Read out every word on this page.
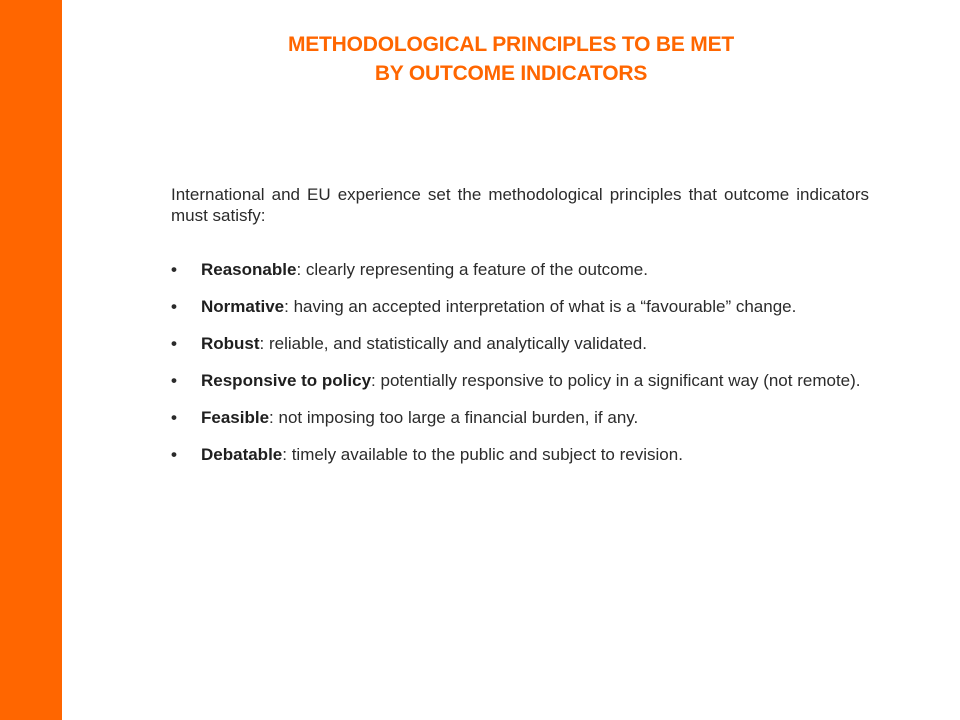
METHODOLOGICAL PRINCIPLES TO BE MET
BY OUTCOME INDICATORS
International and EU experience set the methodological principles that outcome indicators must satisfy:
• Reasonable: clearly representing a feature of the outcome.
• Normative: having an accepted interpretation of what is a “favourable” change.
• Robust: reliable, and statistically and analytically validated.
• Responsive to policy: potentially responsive to policy in a significant way (not remote).
• Feasible: not imposing too large a financial burden, if any.
• Debatable: timely available to the public and subject to revision.
